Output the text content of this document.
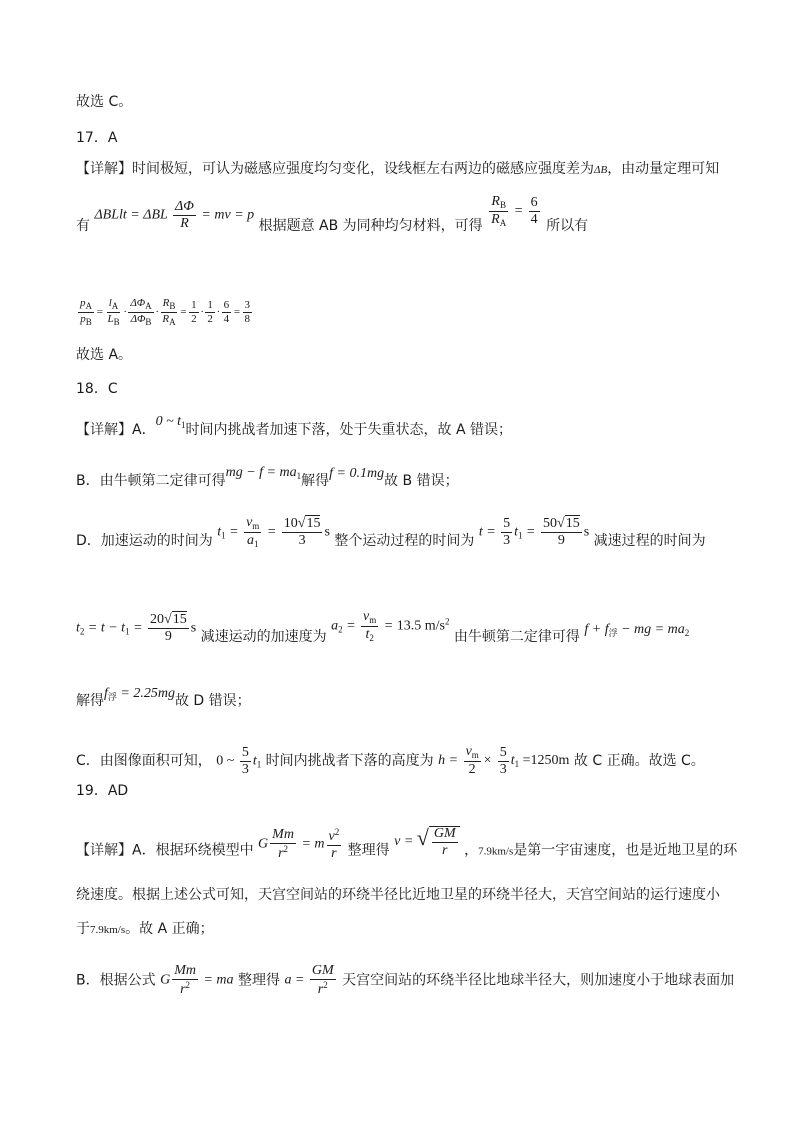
故选 C。
17．A
【详解】时间极短，可认为磁感应强度均匀变化，设线框左右两边的磁感应强度差为ΔB，由动量定理可知
有 ΔBLlt = ΔBL $\frac{\Delta\Phi}{R}$ = mv = p 根据题意 AB 为同种均匀材料，可得 $\frac{R_B}{R_A} = \frac{6}{4}$ 所以有
$\frac{p_A}{p_B} = \frac{l_A}{L_B} \cdot \frac{\Delta\Phi_A}{\Delta\Phi_B} \cdot \frac{R_B}{R_A} = \frac{1}{2} \cdot \frac{1}{2} \cdot \frac{6}{4} = \frac{3}{8}$
故选 A。
18．C
【详解】A．0 ~ $t_1$时间内挑战者加速下落，处于失重状态，故 A 错误；
B．由牛顿第二定律可得mg − $f = ma_1$解得f = 0.1mg故 B 错误；
D．加速运动的时间为 $t_1 = \frac{v_m}{a_1} = \frac{10√15}{3}$ s 整个运动过程的时间为 $t = \frac{5}{3} t_1 = \frac{50√15}{9}$ s 减速过程的时间为
$t_2 = t - t_1 = \frac{20√15}{9}$ s 减速运动的加速度为 $a_2 = \frac{v_m}{t_2} = 13.5$ $m/s^2$ 由牛顿第二定律可得 $f + f_浮$ − mg = $ma_2$
解得$f_浮 = 2.25mg$故 D 错误；
C．由图像面积可知， 0 ~ $\frac{5}{3} t_1$ 时间内挑战者下落的高度为 $h = \frac{v_m}{2} \times \frac{5}{3} t_1 =1250m$ 故 C 正确。故选 C。
19．AD
【详解】A．根据环绕模型中 G $\frac{Mm}{r^2} = m \frac{v^2}{r}$ 整理得 v = √ $\frac{GM}{r}$ ，7.9km/s是第一宇宙速度，也是近地卫星的环
绕速度。根据上述公式可知，天宫空间站的环绕半径比近地卫星的环绕半径大，天宫空间站的运行速度小
于7.9km/s。故 A 正确；
B．根据公式 G $\frac{Mm}{r^2}$ = ma 整理得 $a = \frac{GM}{r^2}$ 天宫空间站的环绕半径比地球半径大，则加速度小于地球表面加
